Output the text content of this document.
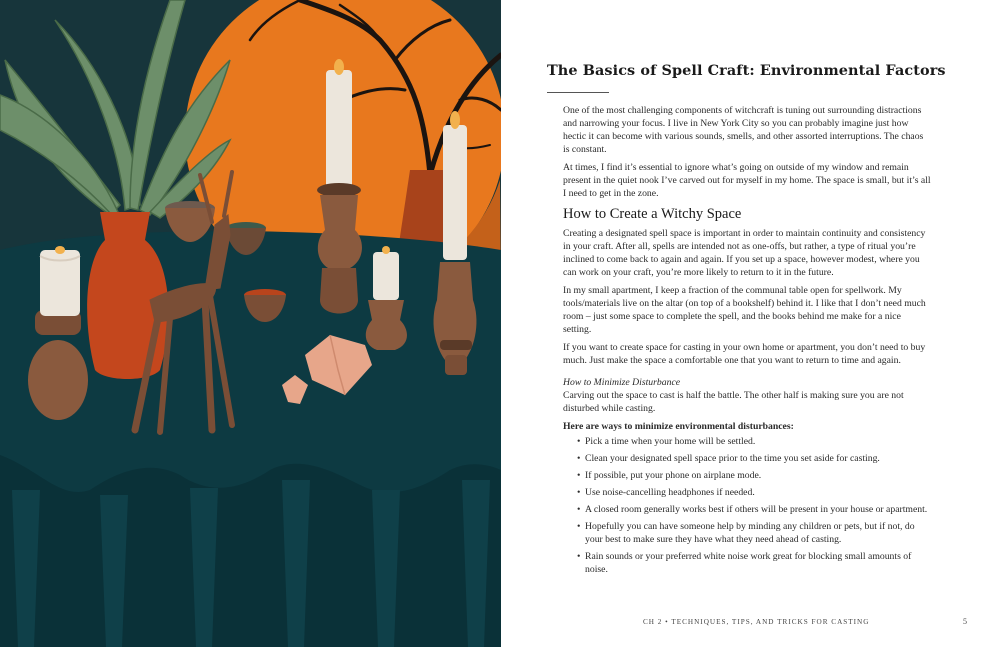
The Basics of Spell Craft: Environmental Factors

One of the most challenging components of witchcraft is tuning out surrounding distractions and narrowing your focus. I live in New York City so you can probably imagine just how hectic it can become with various sounds, smells, and other assorted interruptions. The chaos is constant.

At times, I find it’s essential to ignore what’s going on outside of my window and remain present in the quiet nook I’ve carved out for myself in my home. The space is small, but it’s all I need to get in the zone.

How to Create a Witchy Space

Creating a designated spell space is important in order to maintain continuity and consistency in your craft. After all, spells are intended not as one-offs, but rather, a type of ritual you’re inclined to come back to again and again. If you set up a space, however modest, where you can work on your craft, you’re more likely to return to it in the future.

In my small apartment, I keep a fraction of the communal table open for spellwork. My tools/materials live on the altar (on top of a bookshelf) behind it. I like that I don’t need much room – just some space to complete the spell, and the books behind me make for a nice setting.

If you want to create space for casting in your own home or apartment, you don’t need to buy much. Just make the space a comfortable one that you want to return to time and again.

How to Minimize Disturbance

Carving out the space to cast is half the battle. The other half is making sure you are not disturbed while casting.

Here are ways to minimize environmental disturbances:

• Pick a time when your home will be settled.
• Clean your designated spell space prior to the time you set aside for casting.
• If possible, put your phone on airplane mode.
• Use noise-cancelling headphones if needed.
• A closed room generally works best if others will be present in your house or apartment.
• Hopefully you can have someone help by minding any children or pets, but if not, do your best to make sure they have what they need ahead of casting.
• Rain sounds or your preferred white noise work great for blocking small amounts of noise.
CH 2 • TECHNIQUES, TIPS, AND TRICKS FOR CASTING	5
